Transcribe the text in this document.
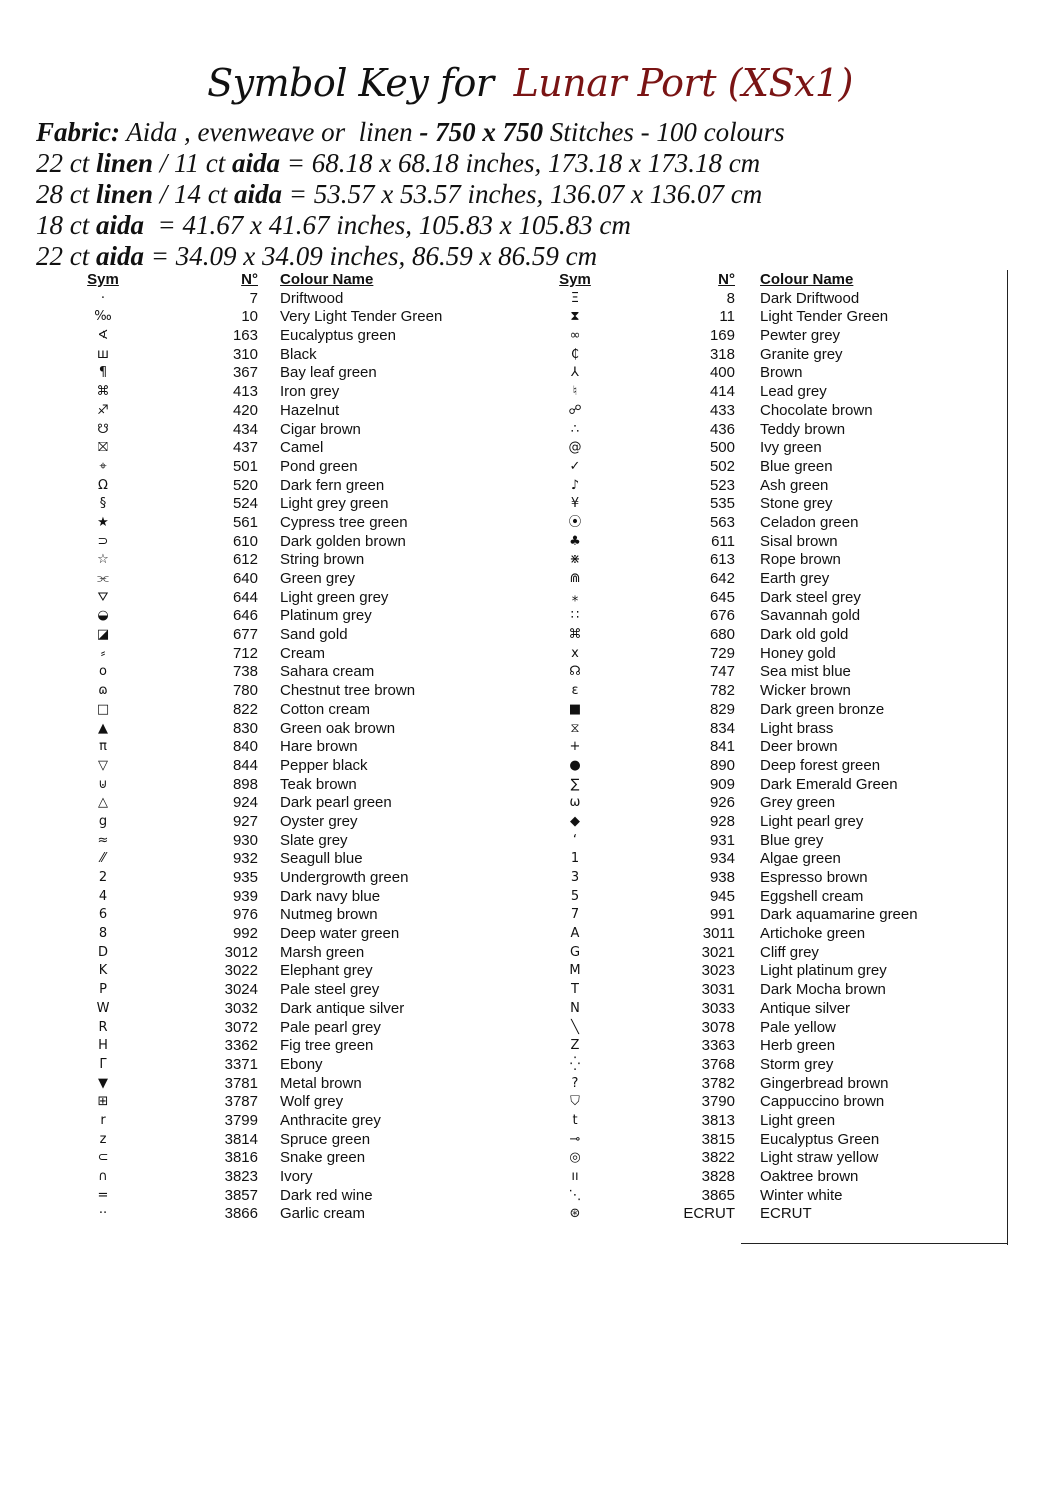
Symbol Key for Lunar Port (XSx1)
Fabric: Aida , evenweave or  linen - 750 x 750 Stitches - 100 colours
22 ct linen / 11 ct aida = 68.18 x 68.18 inches, 173.18 x 173.18 cm
28 ct linen / 14 ct aida = 53.57 x 53.57 inches, 136.07 x 136.07 cm
18 ct aida  = 41.67 x 41.67 inches, 105.83 x 105.83 cm
22 ct aida = 34.09 x 34.09 inches, 86.59 x 86.59 cm
Sym	N° Colour Name
·	7 Driftwood
‰	10 Very Light Tender Green
∢	163 Eucalyptus green
ш	310 Black
¶	367 Bay leaf green
⌘	413 Iron grey
♐	420 Hazelnut
☋	434 Cigar brown
⛝	437 Camel
⌖	501 Pond green
Ω	520 Dark fern green
§	524 Light grey green
★	561 Cypress tree green
⊃	610 Dark golden brown
☆	612 String brown
⫘	640 Green grey
⛛	644 Light green grey
◒	646 Platinum grey
◪	677 Sand gold
⸗	712 Cream
o	738 Sahara cream
ɷ	780 Chestnut tree brown
□	822 Cotton cream
▲	830 Green oak brown
π	840 Hare brown
▽	844 Pepper black
⊍	898 Teak brown
△	924 Dark pearl green
g	927 Oyster grey
≈	930 Slate grey
⁄⁄	932 Seagull blue
2	935 Undergrowth green
4	939 Dark navy blue
6	976 Nutmeg brown
8	992 Deep water green
D	3012 Marsh green
K	3022 Elephant grey
P	3024 Pale steel grey
W	3032 Dark antique silver
R	3072 Pale pearl grey
H	3362 Fig tree green
Γ	3371 Ebony
▼	3781 Metal brown
⊞	3787 Wolf grey
r	3799 Anthracite grey
z	3814 Spruce green
⊂	3816 Snake green
∩	3823 Ivory
=	3857 Dark red wine
··	3866 Garlic cream
Sym	N° Colour Name
Ξ	8 Dark Driftwood
⧗	11 Light Tender Green
∞	169 Pewter grey
₵	318 Granite grey
⅄	400 Brown
♮	414 Lead grey
☍	433 Chocolate brown
∴	436 Teddy brown
@	500 Ivy green
✓	502 Blue green
♪	523 Ash green
¥	535 Stone grey
⦿	563 Celadon green
♣	611 Sisal brown
⋇	613 Rope brown
⋒	642 Earth grey
⁎	645 Dark steel grey
∷	676 Savannah gold
⌘	680 Dark old gold
x	729 Honey gold
☊	747 Sea mist blue
ɛ	782 Wicker brown
■	829 Dark green bronze
⧖	834 Light brass
+	841 Deer brown
●	890 Deep forest green
∑	909 Dark Emerald Green
ω	926 Grey green
◆	928 Light pearl grey
‘	931 Blue grey
1	934 Algae green
3	938 Espresso brown
5	945 Eggshell cream
7	991 Dark aquamarine green
A	3011 Artichoke green
G	3021 Cliff grey
M	3023 Light platinum grey
T	3031 Dark Mocha brown
N	3033 Antique silver
╲	3078 Pale yellow
Z	3363 Herb green
⁛	3768 Storm grey
?	3782 Gingerbread brown
⛉	3790 Cappuccino brown
t	3813 Light green
⊸	3815 Eucalyptus Green
◎	3822 Light straw yellow
ıı	3828 Oaktree brown
⋱	3865 Winter white
⊛	ECRUT ECRUT
